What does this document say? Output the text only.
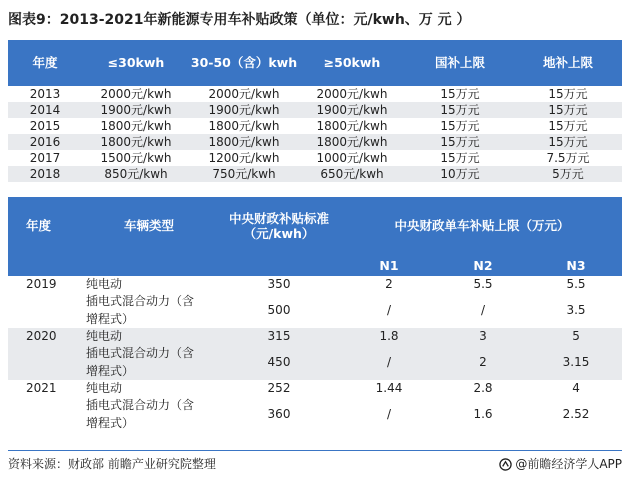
图表9：2013-2021年新能源专用车补贴政策（单位：元/kwh、万 元 ）
年度	≤30kwh	30-50（含）kwh	≥50kwh	国补上限	地补上限
2013	2000元/kwh	2000元/kwh	2000元/kwh	15万元	15万元
2014	1900元/kwh	1900元/kwh	1900元/kwh	15万元	15万元
2015	1800元/kwh	1800元/kwh	1800元/kwh	15万元	15万元
2016	1800元/kwh	1800元/kwh	1800元/kwh	15万元	15万元
2017	1500元/kwh	1200元/kwh	1000元/kwh	15万元	7.5万元
2018	850元/kwh	750元/kwh	650元/kwh	10万元	5万元
年度	车辆类型	中央财政补贴标准（元/kwh）	中央财政单车补贴上限（万元）		
			N1	N2	N3
2019	纯电动	350	2	5.5	5.5
	插电式混合动力（含增程式）	500	/	/	3.5
2020	纯电动	315	1.8	3	5
	插电式混合动力（含增程式）	450	/	2	3.15
2021	纯电动	252	1.44	2.8	4
	插电式混合动力（含增程式）	360	/	1.6	2.52
资料来源：财政部 前瞻产业研究院整理	@前瞻经济学人APP
